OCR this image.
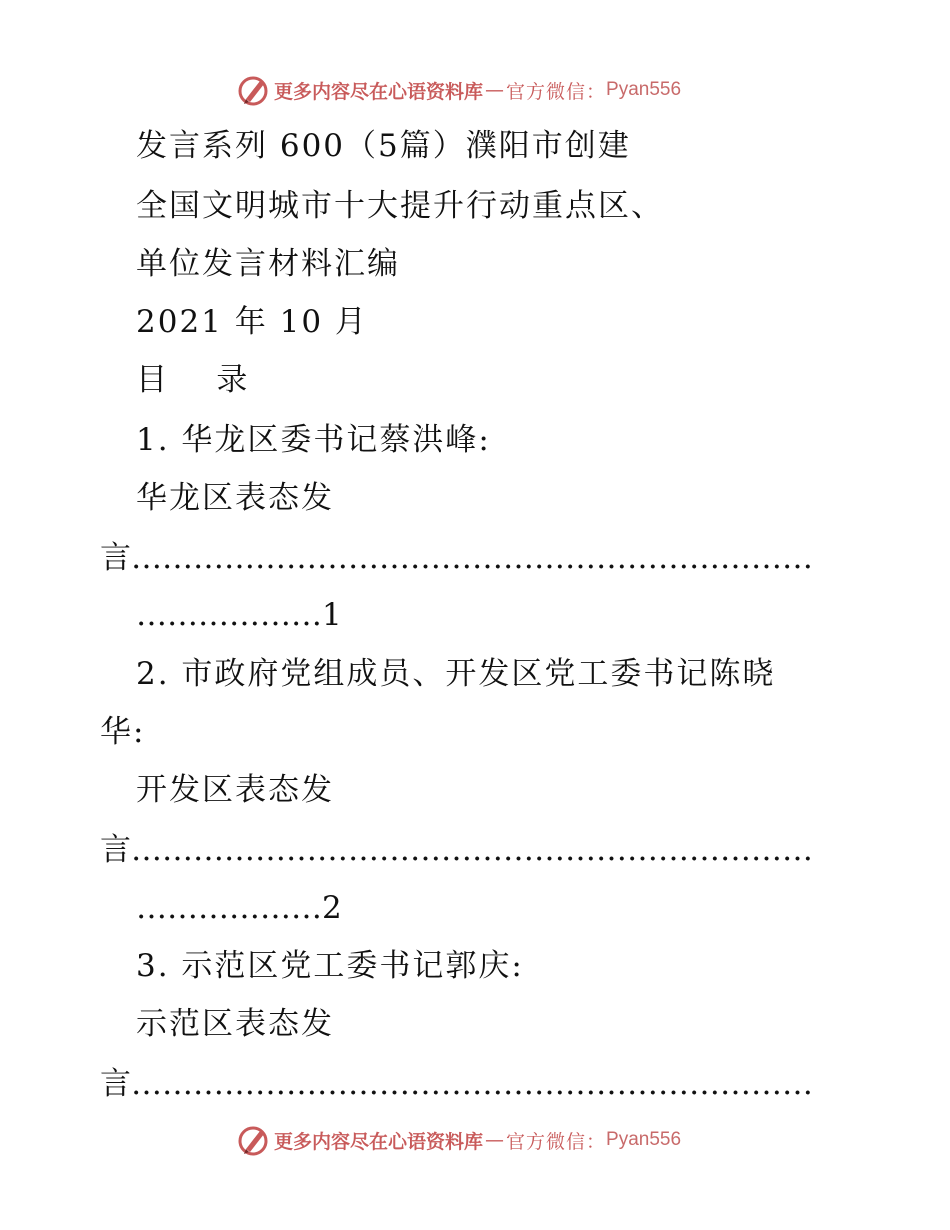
更多内容尽在心语资料库 — 官方微信： Pyan556
发言系列 600（5篇）濮阳市创建
全国文明城市十大提升行动重点区、
单位发言材料汇编
2021 年 10 月
目    录
1. 华龙区委书记蔡洪峰:
华龙区表态发
言…………………………………………………………
………………1
2. 市政府党组成员、开发区党工委书记陈晓
华:
开发区表态发
言…………………………………………………………
………………2
3. 示范区党工委书记郭庆:
示范区表态发
言…………………………………………………………
更多内容尽在心语资料库 — 官方微信： Pyan556
